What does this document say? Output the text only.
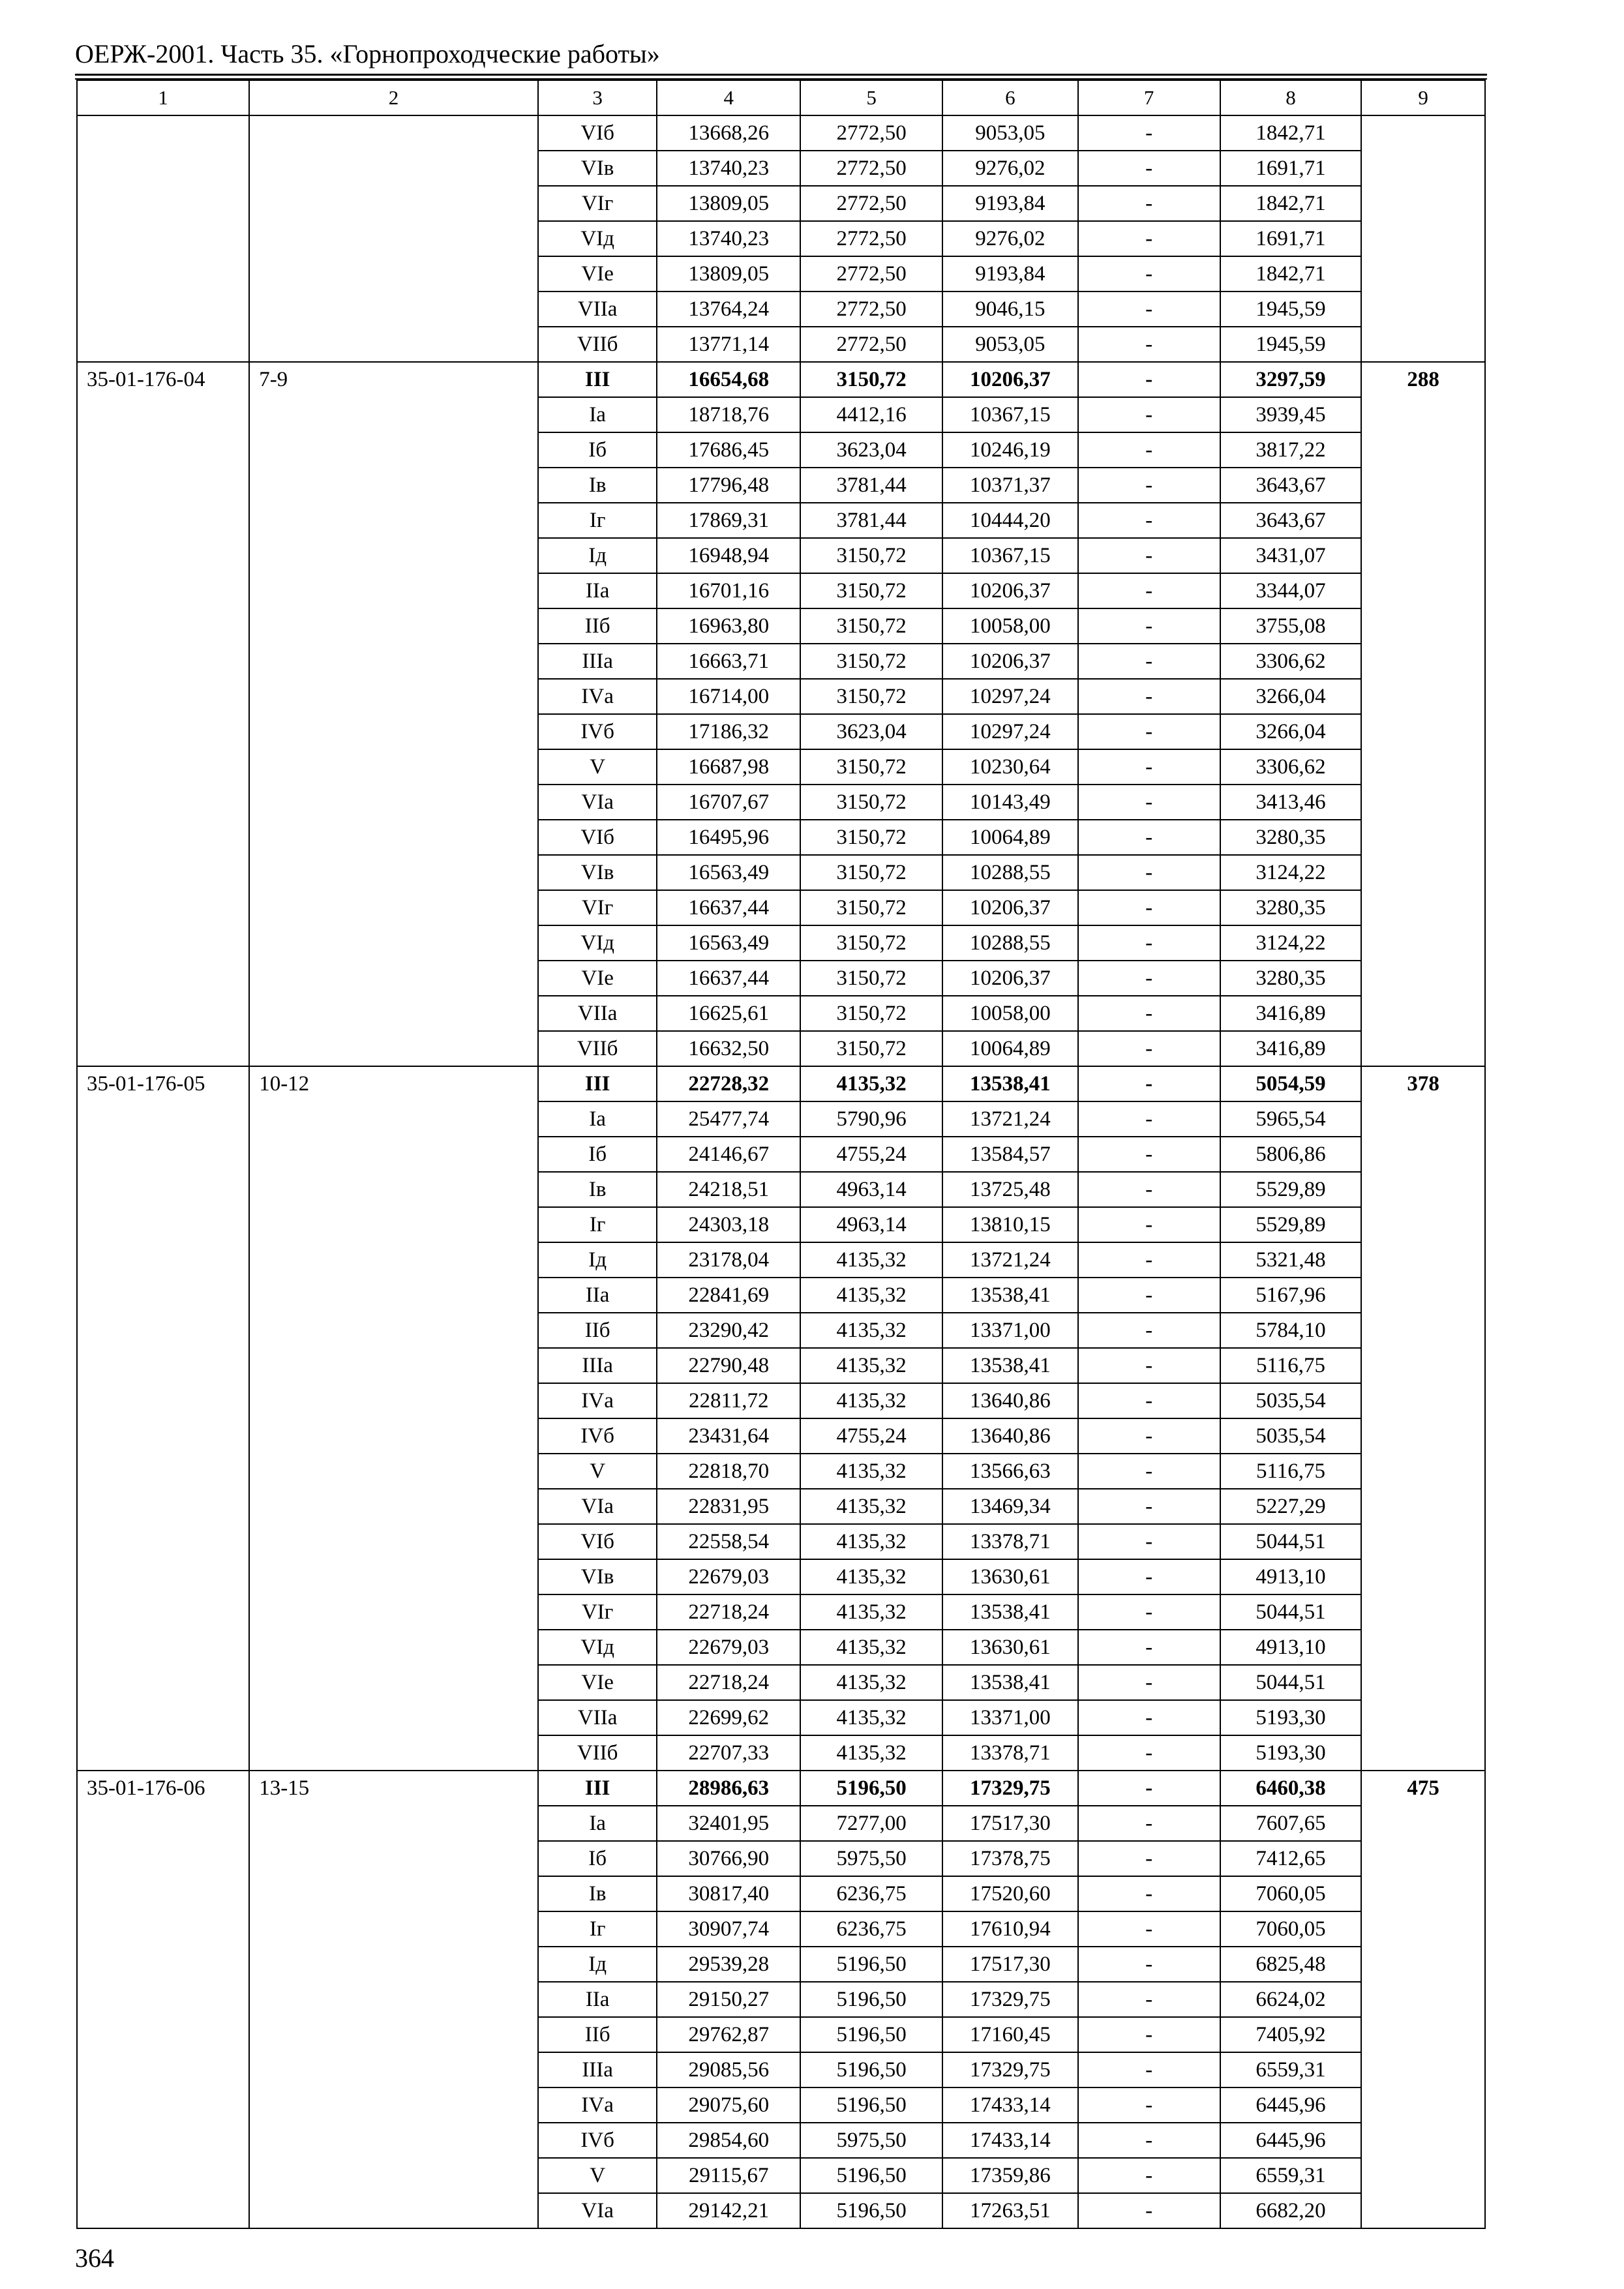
ОЕРЖ-2001. Часть 35. «Горнопроходческие работы»
1	2	3	4	5	6	7	8	9
		VIб	13668,26	2772,50	9053,05	-	1842,71	
		VIв	13740,23	2772,50	9276,02	-	1691,71	
		VIг	13809,05	2772,50	9193,84	-	1842,71	
		VIд	13740,23	2772,50	9276,02	-	1691,71	
		VIе	13809,05	2772,50	9193,84	-	1842,71	
		VIIа	13764,24	2772,50	9046,15	-	1945,59	
		VIIб	13771,14	2772,50	9053,05	-	1945,59	
35-01-176-04	7-9	III	16654,68	3150,72	10206,37	-	3297,59	288
		Iа	18718,76	4412,16	10367,15	-	3939,45	
		Iб	17686,45	3623,04	10246,19	-	3817,22	
		Iв	17796,48	3781,44	10371,37	-	3643,67	
		Iг	17869,31	3781,44	10444,20	-	3643,67	
		Iд	16948,94	3150,72	10367,15	-	3431,07	
		IIа	16701,16	3150,72	10206,37	-	3344,07	
		IIб	16963,80	3150,72	10058,00	-	3755,08	
		IIIа	16663,71	3150,72	10206,37	-	3306,62	
		IVа	16714,00	3150,72	10297,24	-	3266,04	
		IVб	17186,32	3623,04	10297,24	-	3266,04	
		V	16687,98	3150,72	10230,64	-	3306,62	
		VIа	16707,67	3150,72	10143,49	-	3413,46	
		VIб	16495,96	3150,72	10064,89	-	3280,35	
		VIв	16563,49	3150,72	10288,55	-	3124,22	
		VIг	16637,44	3150,72	10206,37	-	3280,35	
		VIд	16563,49	3150,72	10288,55	-	3124,22	
		VIе	16637,44	3150,72	10206,37	-	3280,35	
		VIIа	16625,61	3150,72	10058,00	-	3416,89	
		VIIб	16632,50	3150,72	10064,89	-	3416,89	
35-01-176-05	10-12	III	22728,32	4135,32	13538,41	-	5054,59	378
		Iа	25477,74	5790,96	13721,24	-	5965,54	
		Iб	24146,67	4755,24	13584,57	-	5806,86	
		Iв	24218,51	4963,14	13725,48	-	5529,89	
		Iг	24303,18	4963,14	13810,15	-	5529,89	
		Iд	23178,04	4135,32	13721,24	-	5321,48	
		IIа	22841,69	4135,32	13538,41	-	5167,96	
		IIб	23290,42	4135,32	13371,00	-	5784,10	
		IIIа	22790,48	4135,32	13538,41	-	5116,75	
		IVа	22811,72	4135,32	13640,86	-	5035,54	
		IVб	23431,64	4755,24	13640,86	-	5035,54	
		V	22818,70	4135,32	13566,63	-	5116,75	
		VIа	22831,95	4135,32	13469,34	-	5227,29	
		VIб	22558,54	4135,32	13378,71	-	5044,51	
		VIв	22679,03	4135,32	13630,61	-	4913,10	
		VIг	22718,24	4135,32	13538,41	-	5044,51	
		VIд	22679,03	4135,32	13630,61	-	4913,10	
		VIе	22718,24	4135,32	13538,41	-	5044,51	
		VIIа	22699,62	4135,32	13371,00	-	5193,30	
		VIIб	22707,33	4135,32	13378,71	-	5193,30	
35-01-176-06	13-15	III	28986,63	5196,50	17329,75	-	6460,38	475
		Iа	32401,95	7277,00	17517,30	-	7607,65	
		Iб	30766,90	5975,50	17378,75	-	7412,65	
		Iв	30817,40	6236,75	17520,60	-	7060,05	
		Iг	30907,74	6236,75	17610,94	-	7060,05	
		Iд	29539,28	5196,50	17517,30	-	6825,48	
		IIа	29150,27	5196,50	17329,75	-	6624,02	
		IIб	29762,87	5196,50	17160,45	-	7405,92	
		IIIа	29085,56	5196,50	17329,75	-	6559,31	
		IVа	29075,60	5196,50	17433,14	-	6445,96	
		IVб	29854,60	5975,50	17433,14	-	6445,96	
		V	29115,67	5196,50	17359,86	-	6559,31	
		VIа	29142,21	5196,50	17263,51	-	6682,20	
364
